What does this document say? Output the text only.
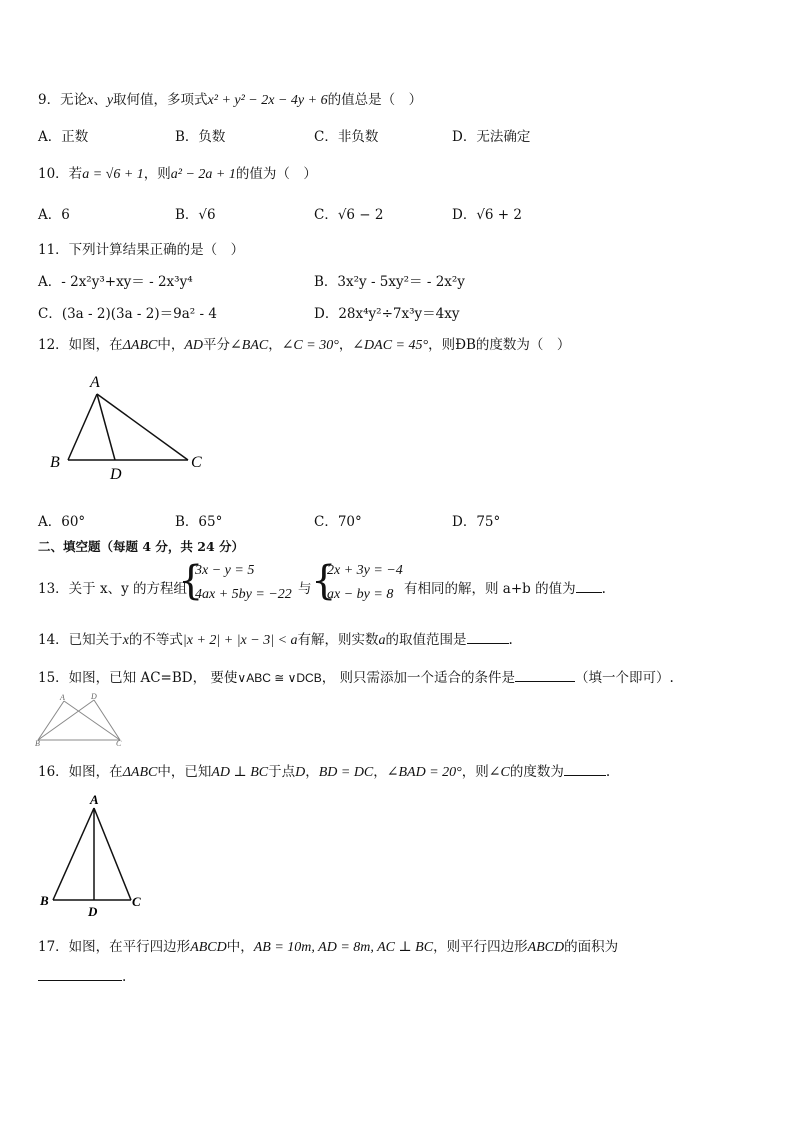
9．无论x、y取何值，多项式x² + y² − 2x − 4y + 6的值总是（　）
A．正数	B．负数	C．非负数	D．无法确定
10．若a = √6 + 1，则a² − 2a + 1的值为（　）
A．6	B．√6	C．√6 − 2	D．√6 + 2
11．下列计算结果正确的是（　）
A．- 2x²y³+xy＝ - 2x³y⁴	B．3x²y - 5xy²＝ - 2x²y
C．(3a - 2)(3a - 2)＝9a² - 4	D．28x⁴y²÷7x³y＝4xy
12．如图，在ΔABC中，AD平分∠BAC，∠C = 30°，∠DAC = 45°，则ÐB的度数为（　）
A
B	C
D
A．60°	B．65°	C．70°	D．75°
二、填空题（每题 4 分，共 24 分）
13．关于 x、y 的方程组
{
3x − y = 5
4ax + 5by = −22 与 {
2x + 3y = −4
ax − by = 8 有相同的解，则 a+b 的值为 .
14．已知关于x的不等式|x + 2| + |x − 3| < a有解，则实数a的取值范围是	.
15．如图，已知 AC=BD， 要使∨ABC ≅ ∨DCB， 则只需添加一个适合的条件是	（填一个即可）.
A	D
B	C
16．如图，在ΔABC中，已知AD ⊥ BC于点D，BD = DC，∠BAD = 20°，则∠C的度数为	.
A
B
D
C
17．如图，在平行四边形ABCD中，AB = 10m, AD = 8m, AC ⊥ BC，则平行四边形ABCD的面积为
.
